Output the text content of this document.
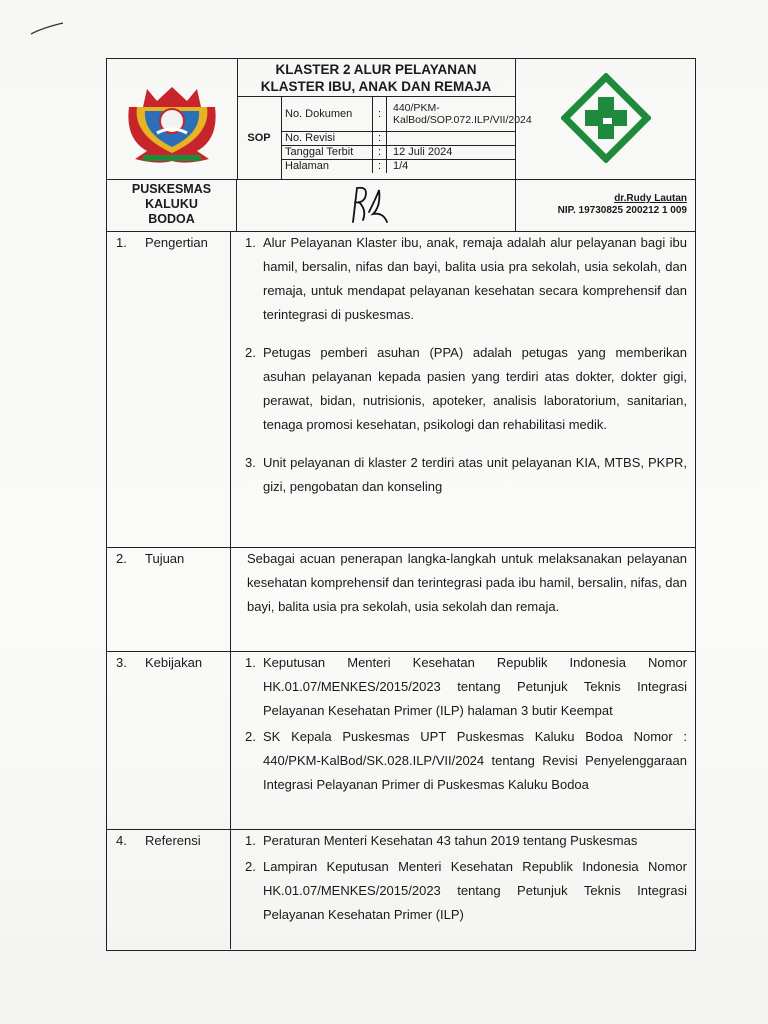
KLASTER 2 ALUR PELAYANAN
KLASTER IBU, ANAK DAN REMAJA
SOP
No. Dokumen	:
440/PKM-KalBod/SOP.072.ILP/VII/2024
No. Revisi	:
Tanggal Terbit	:	12 Juli 2024
Halaman	:	1/4
PUSKESMAS
KALUKU
BODOA
dr.Rudy Lautan
NIP. 19730825 200212 1 009
1. Pengertian	1. Alur Pelayanan Klaster ibu, anak, remaja adalah alur pelayanan bagi ibu hamil, bersalin, nifas dan bayi, balita usia pra sekolah, usia sekolah, dan remaja, untuk mendapat pelayanan kesehatan secara komprehensif dan terintegrasi di puskesmas.
2. Petugas pemberi asuhan (PPA) adalah petugas yang memberikan asuhan pelayanan kepada pasien yang terdiri atas dokter, dokter gigi, perawat, bidan, nutrisionis, apoteker, analisis laboratorium, sanitarian, tenaga promosi kesehatan, psikologi dan rehabilitasi medik.
3. Unit pelayanan di klaster 2 terdiri atas unit pelayanan KIA, MTBS, PKPR, gizi, pengobatan dan konseling
2. Tujuan	Sebagai acuan penerapan langka-langkah untuk melaksanakan pelayanan kesehatan komprehensif dan terintegrasi pada ibu hamil, bersalin, nifas, dan bayi, balita usia pra sekolah, usia sekolah dan remaja.
3. Kebijakan	1. Keputusan Menteri Kesehatan Republik Indonesia Nomor HK.01.07/MENKES/2015/2023 tentang Petunjuk Teknis Integrasi Pelayanan Kesehatan Primer (ILP) halaman 3 butir Keempat
2. SK Kepala Puskesmas UPT Puskesmas Kaluku Bodoa Nomor : 440/PKM-KalBod/SK.028.ILP/VII/2024 tentang Revisi Penyelenggaraan Integrasi Pelayanan Primer di Puskesmas Kaluku Bodoa
4. Referensi	1. Peraturan Menteri Kesehatan 43 tahun 2019 tentang Puskesmas
2. Lampiran Keputusan Menteri Kesehatan Republik Indonesia Nomor HK.01.07/MENKES/2015/2023 tentang Petunjuk Teknis Integrasi Pelayanan Kesehatan Primer (ILP)
